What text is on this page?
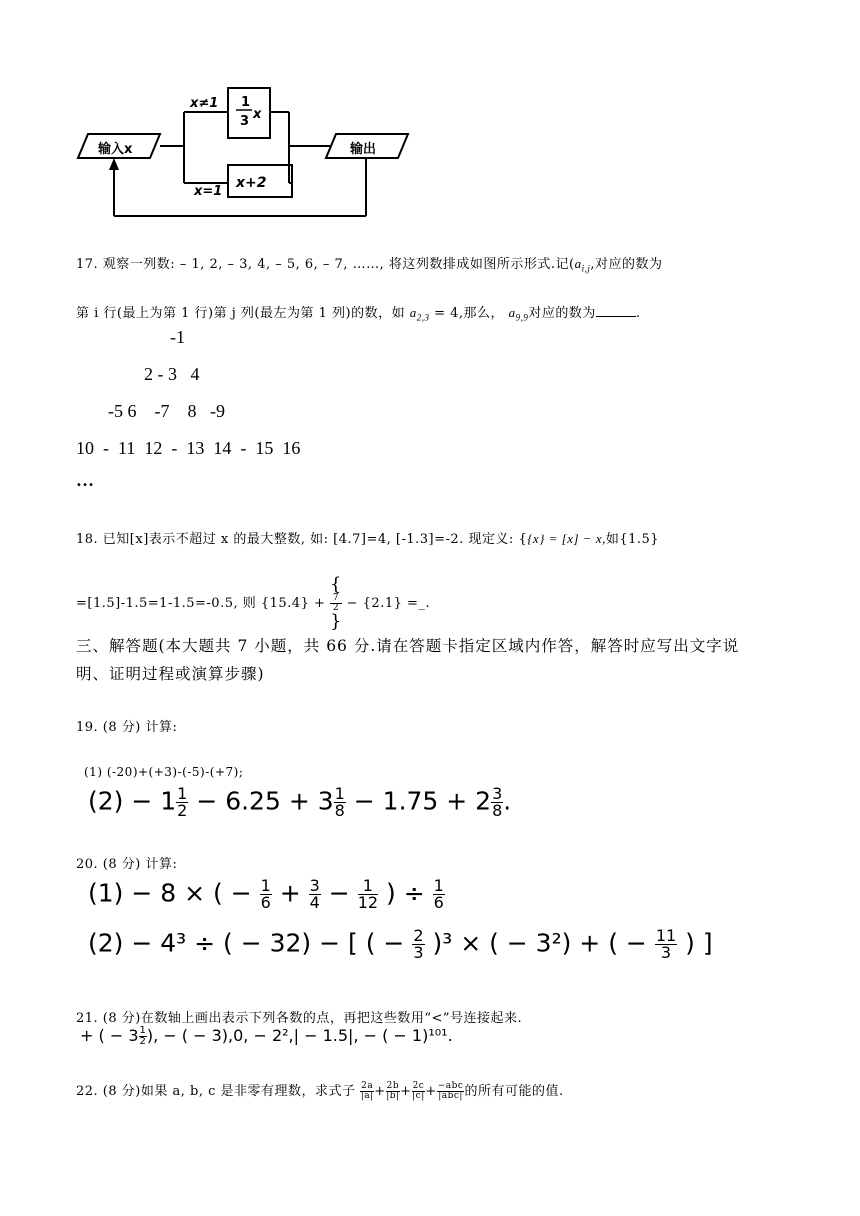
输入x	输出
x≠1
x=1
1
3 x
x+2
17. 观察一列数: – 1, 2, – 3, 4, – 5, 6, – 7, ……, 将这列数排成如图所示形式.记($a_{i,j}$,对应的数为
第 i 行(最上为第 1 行)第 j 列(最左为第 1 列)的数，如 $a_{2,3} = 4$,那么， $a_{9,9}$对应的数为	.
-1
2 - 3   4
-5 6    -7    8   -9
10  -  11  12  -  13  14  -  15  16
…
18. 已知[x]表示不超过 x 的最大整数, 如: [4.7]=4, [-1.3]=-2. 现定义: {{x} = [x] − x,如{1.5}
=[1.5]-1.5=1-1.5=-0.5, 则 {15.4} +
{
7
2
}
− {2.1} =_.
三、解答题(本大题共 7 小题，共 66 分.请在答题卡指定区域内作答，解答时应写出文字说
明、证明过程或演算步骤)
19. (8 分) 计算:
(1) (-20)+(+3)-(-5)-(+7);
$(2) - 1 \frac{1}{2} - 6.25 + 3 \frac{1}{8} - 1.75 + 2 \frac{3}{8}$ .
20. (8 分) 计算:
(1) − 8 × ( − $\frac{1}{6} + \frac{3}{4} - \frac{1}{12}$ ) ÷ $\frac{1}{6}$
(2) − 4³ ÷ ( − 32) − [ ( − $\frac{2}{3} )^3$ × ( − 3²) + ( − $\frac{11}{3}$ ) ]
21. (8 分)在数轴上画出表示下列各数的点，再把这些数用“<”号连接起来.
+ ( − $3 \frac{1}{2}$ ), − ( − 3),0, − 2²,| − 1.5|, − ( − 1)¹⁰¹.
22. (8 分)如果 a, b, c 是非零有理数，求式子 $\frac{2a}{|a|} + \frac{2b}{|b|} + \frac{2c}{|c|} + \frac{\text{−abc}}{\text{|abc|}}$ 的所有可能的值.
